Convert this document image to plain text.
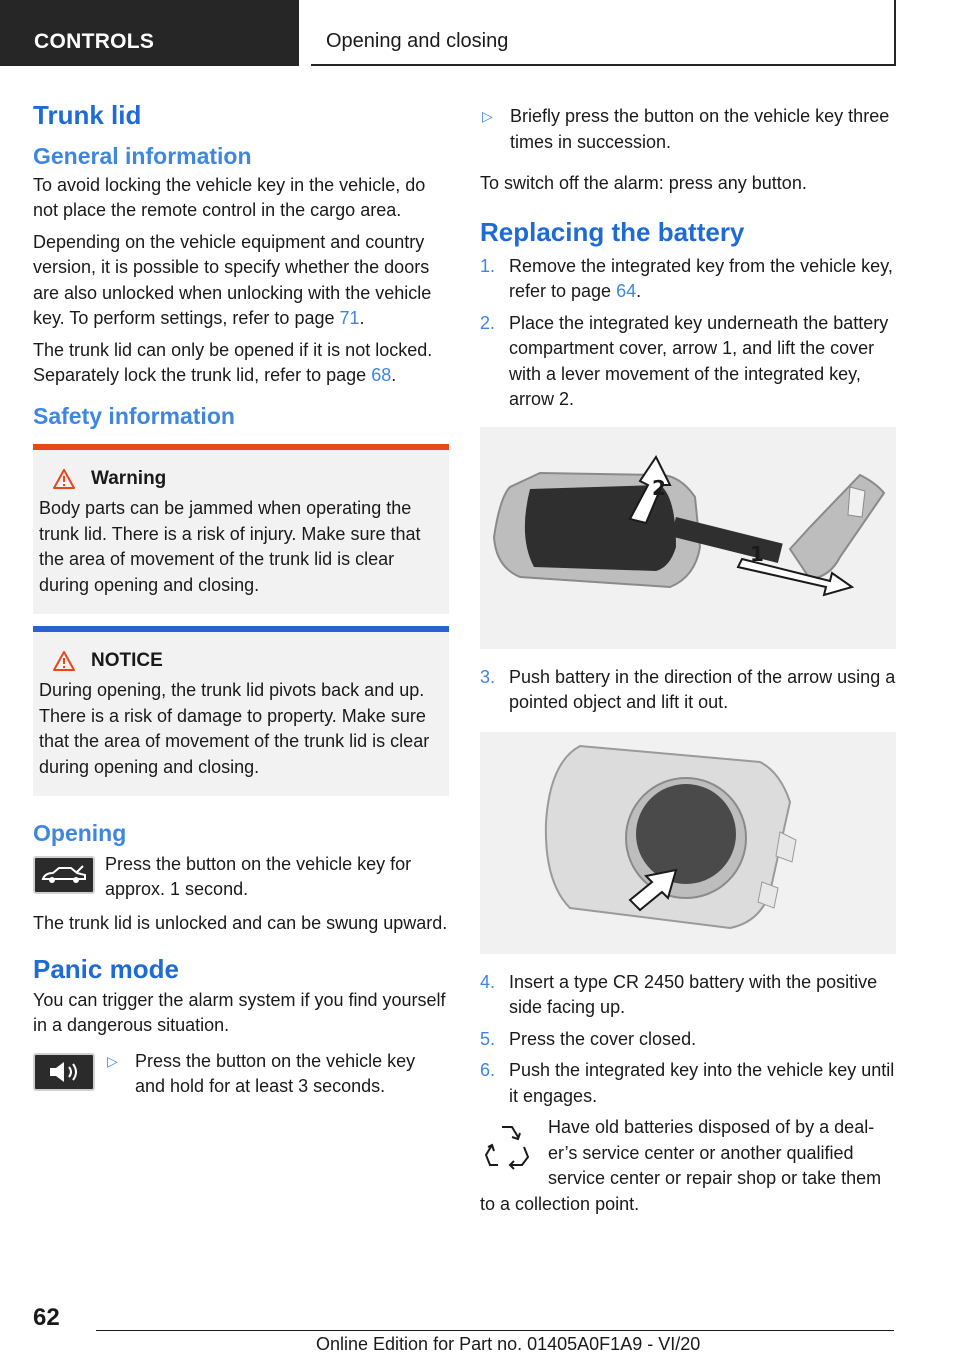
CONTROLS	Opening and closing
Trunk lid
General information

To avoid locking the vehicle key in the vehicle, do not place the remote control in the cargo area.

Depending on the vehicle equipment and country version, it is possible to specify whether the doors are also unlocked when unlocking with the vehicle key. To perform settings, refer to page 71.

The trunk lid can only be opened if it is not locked. Separately lock the trunk lid, refer to page 68.

Safety information
Warning

Body parts can be jammed when operating the trunk lid. There is a risk of injury. Make sure that the area of movement of the trunk lid is clear during opening and closing.

NOTICE

During opening, the trunk lid pivots back and up. There is a risk of damage to property. Make sure that the area of movement of the trunk lid is clear during opening and closing.

Opening

Press the button on the vehicle key for approx. 1 second.

The trunk lid is unlocked and can be swung upward.

Panic mode

You can trigger the alarm system if you find yourself in a dangerous situation.

▷ Press the button on the vehicle key and hold for at least 3 seconds.
▷ Briefly press the button on the vehicle key three times in succession.

To switch off the alarm: press any button.

Replacing the battery
1. Remove the integrated key from the vehicle key, refer to page 64.
2. Place the integrated key underneath the battery compartment cover, arrow 1, and lift the cover with a lever movement of the integrated key, arrow 2.
2
1
3. Push battery in the direction of the arrow using a pointed object and lift it out.
4. Insert a type CR 2450 battery with the positive side facing up.
5. Press the cover closed.
6. Push the integrated key into the vehicle key until it engages.

Have old batteries disposed of by a dealer’s service center or another qualified service center or repair shop or take them to a collection point.

62
Online Edition for Part no. 01405A0F1A9 - VI/20
